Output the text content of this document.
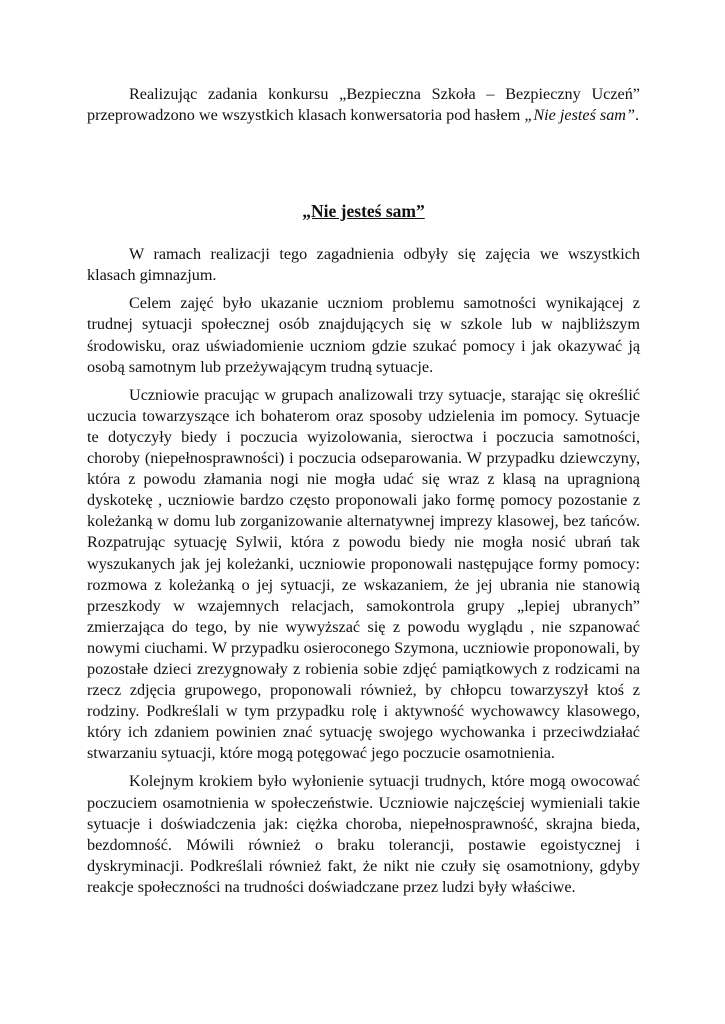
Realizując zadania konkursu „Bezpieczna Szkoła – Bezpieczny Uczeń” przeprowadzono we wszystkich klasach konwersatoria pod hasłem „Nie jesteś sam”.

„Nie jesteś sam”

W ramach realizacji tego zagadnienia odbyły się zajęcia we wszystkich klasach gimnazjum.

Celem zajęć było ukazanie uczniom problemu samotności wynikającej z trudnej sytuacji społecznej osób znajdujących się w szkole lub w najbliższym środowisku, oraz uświadomienie uczniom gdzie szukać pomocy i jak okazywać ją osobą samotnym lub przeżywającym trudną sytuacje.

Uczniowie pracując w grupach analizowali trzy sytuacje, starając się określić uczucia towarzyszące ich bohaterom oraz sposoby udzielenia im pomocy. Sytuacje te dotyczyły biedy i poczucia wyizolowania, sieroctwa i poczucia samotności, choroby (niepełnosprawności) i poczucia odseparowania. W przypadku dziewczyny, która z powodu złamania nogi nie mogła udać się wraz z klasą na upragnioną dyskotekę , uczniowie bardzo często proponowali jako formę pomocy pozostanie z koleżanką w domu lub zorganizowanie alternatywnej imprezy klasowej, bez tańców. Rozpatrując sytuację Sylwii, która z powodu biedy nie mogła nosić ubrań tak wyszukanych jak jej koleżanki, uczniowie proponowali następujące formy pomocy: rozmowa z koleżanką o jej sytuacji, ze wskazaniem, że jej ubrania nie stanowią przeszkody w wzajemnych relacjach, samokontrola grupy „lepiej ubranych” zmierzająca do tego, by nie wywyższać się z powodu wyglądu , nie szpanować nowymi ciuchami. W przypadku osieroconego Szymona, uczniowie proponowali, by pozostałe dzieci zrezygnowały z robienia sobie zdjęć pamiątkowych z rodzicami na rzecz zdjęcia grupowego, proponowali również, by chłopcu towarzyszył ktoś z rodziny. Podkreślali w tym przypadku rolę i aktywność wychowawcy klasowego, który ich zdaniem powinien znać sytuację swojego wychowanka i przeciwdziałać stwarzaniu sytuacji, które mogą potęgować jego poczucie osamotnienia.

Kolejnym krokiem było wyłonienie sytuacji trudnych, które mogą owocować poczuciem osamotnienia w społeczeństwie. Uczniowie najczęściej wymieniali takie sytuacje i doświadczenia jak: ciężka choroba, niepełnosprawność, skrajna bieda, bezdomność. Mówili również o braku tolerancji, postawie egoistycznej i dyskryminacji. Podkreślali również fakt, że nikt nie czuły się osamotniony, gdyby reakcje społeczności na trudności doświadczane przez ludzi były właściwe.
